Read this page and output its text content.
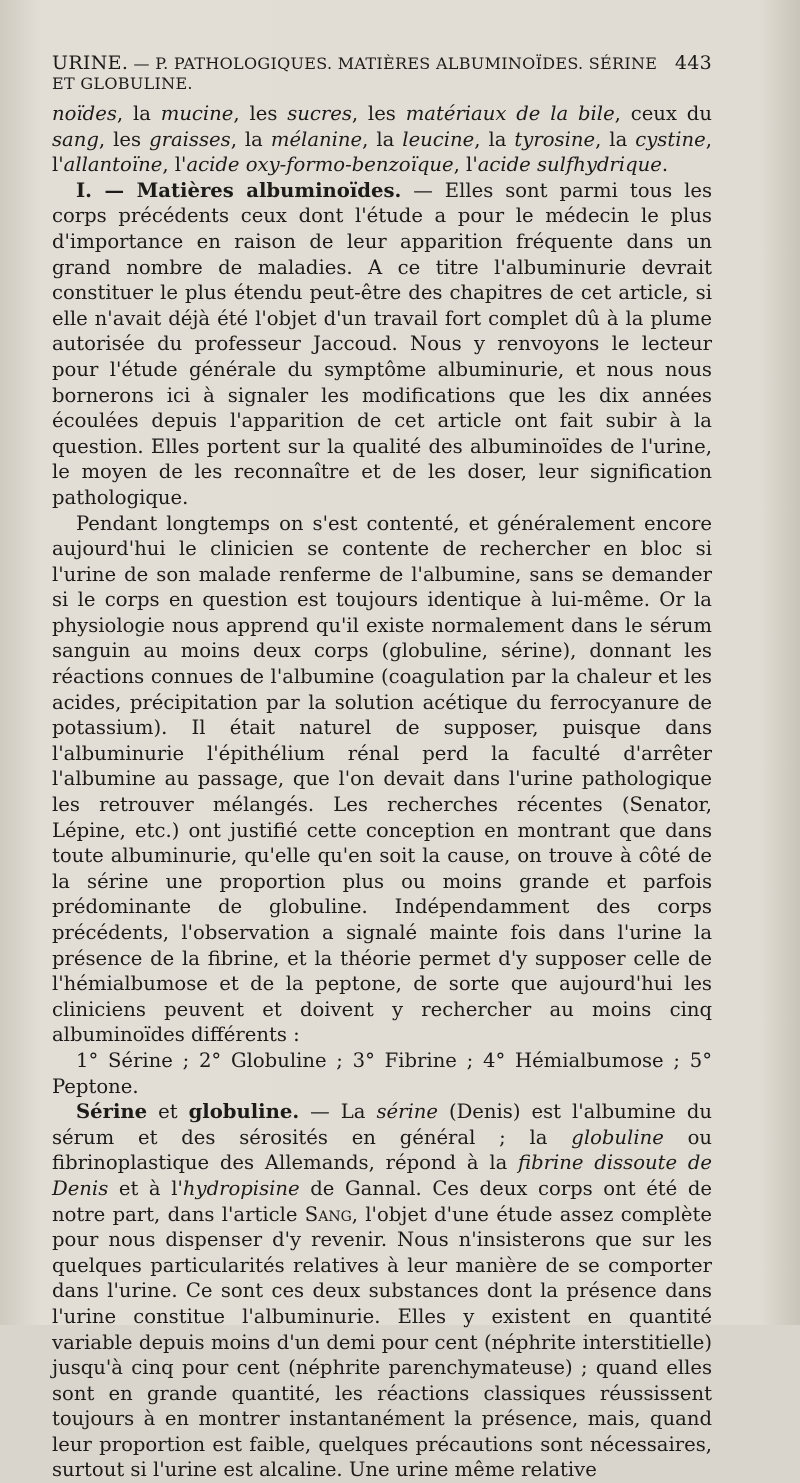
URINE. — P. PATHOLOGIQUES. MATIÈRES ALBUMINOÏDES. SÉRINE ET GLOBULINE.
443

noïdes, la mucine, les sucres, les matériaux de la bile, ceux du sang, les graisses, la mélanine, la leucine, la tyrosine, la cystine, l'allantoïne, l'acide oxy-formo-benzoïque, l'acide sulfhydrique.

I. — Matières albuminoïdes. — Elles sont parmi tous les corps précédents ceux dont l'étude a pour le médecin le plus d'importance en raison de leur apparition fréquente dans un grand nombre de maladies. A ce titre l'albuminurie devrait constituer le plus étendu peut-être des chapitres de cet article, si elle n'avait déjà été l'objet d'un travail fort complet dû à la plume autorisée du professeur Jaccoud. Nous y renvoyons le lecteur pour l'étude générale du symptôme albuminurie, et nous nous bornerons ici à signaler les modifications que les dix années écoulées depuis l'apparition de cet article ont fait subir à la question. Elles portent sur la qualité des albuminoïdes de l'urine, le moyen de les reconnaître et de les doser, leur signification pathologique.

Pendant longtemps on s'est contenté, et généralement encore aujourd'hui le clinicien se contente de rechercher en bloc si l'urine de son malade renferme de l'albumine, sans se demander si le corps en question est toujours identique à lui-même. Or la physiologie nous apprend qu'il existe normalement dans le sérum sanguin au moins deux corps (globuline, sérine), donnant les réactions connues de l'albumine (coagulation par la chaleur et les acides, précipitation par la solution acétique du ferrocyanure de potassium). Il était naturel de supposer, puisque dans l'albuminurie l'épithélium rénal perd la faculté d'arrêter l'albumine au passage, que l'on devait dans l'urine pathologique les retrouver mélangés. Les recherches récentes (Senator, Lépine, etc.) ont justifié cette conception en montrant que dans toute albuminurie, qu'elle qu'en soit la cause, on trouve à côté de la sérine une proportion plus ou moins grande et parfois prédominante de globuline. Indépendamment des corps précédents, l'observation a signalé mainte fois dans l'urine la présence de la fibrine, et la théorie permet d'y supposer celle de l'hémialbumose et de la peptone, de sorte que aujourd'hui les cliniciens peuvent et doivent y rechercher au moins cinq albuminoïdes différents :

1° Sérine ; 2° Globuline ; 3° Fibrine ; 4° Hémialbumose ; 5° Peptone.

Sérine et globuline. — La sérine (Denis) est l'albumine du sérum et des sérosités en général ; la globuline ou fibrinoplastique des Allemands, répond à la fibrine dissoute de Denis et à l'hydropisine de Gannal. Ces deux corps ont été de notre part, dans l'article Sang, l'objet d'une étude assez complète pour nous dispenser d'y revenir. Nous n'insisterons que sur les quelques particularités relatives à leur manière de se comporter dans l'urine. Ce sont ces deux substances dont la présence dans l'urine constitue l'albuminurie. Elles y existent en quantité variable depuis moins d'un demi pour cent (néphrite interstitielle) jusqu'à cinq pour cent (néphrite parenchymateuse) ; quand elles sont en grande quantité, les réactions classiques réussissent toujours à en montrer instantanément la présence, mais, quand leur proportion est faible, quelques précautions sont nécessaires, surtout si l'urine est alcaline. Une urine même relative
